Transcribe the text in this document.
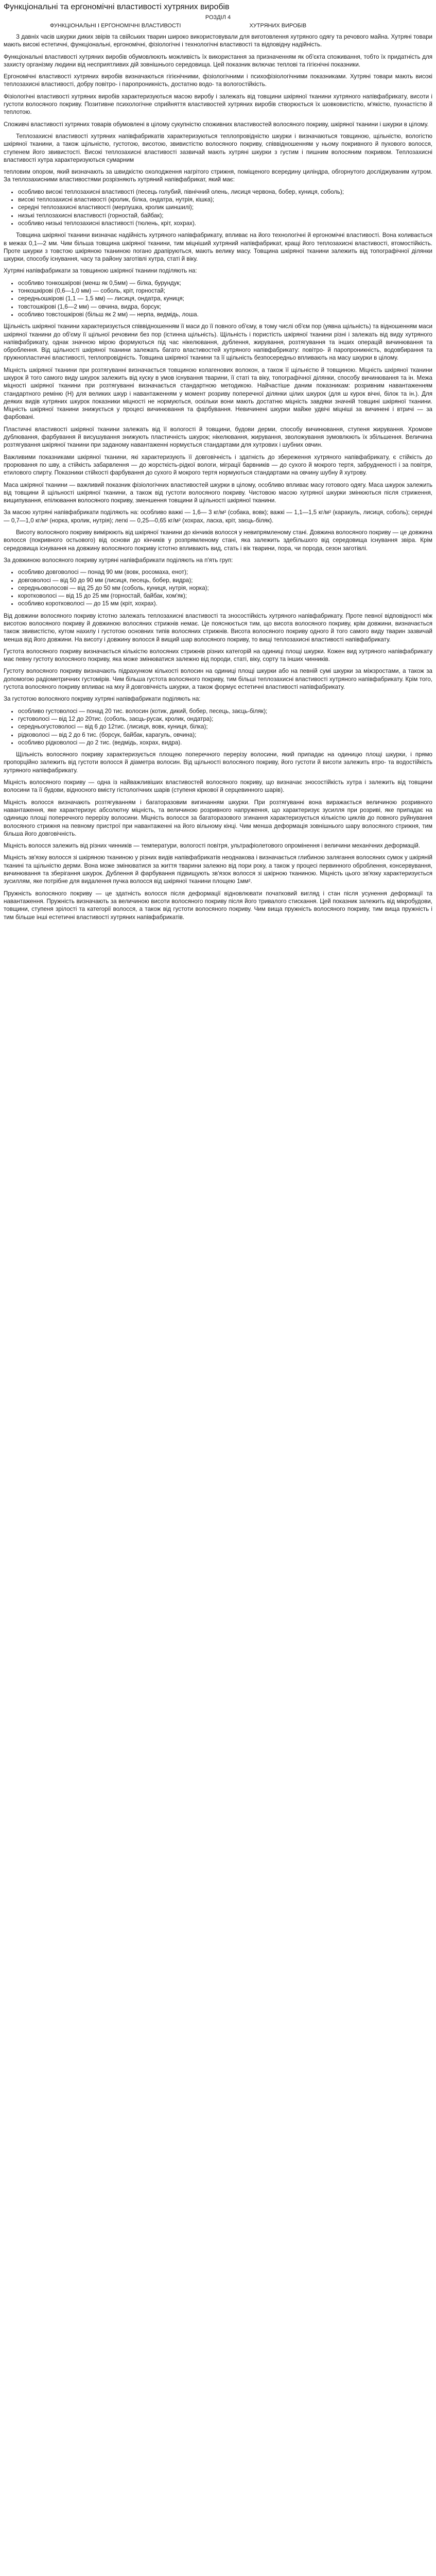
Функціональні та ергономічні властивості хутряних виробів
РОЗДІЛ 4
ФУНКЦІОНАЛЬНІ І ЕРГОНОМІЧНІ ВЛАСТИВОСТІ	ХУТРЯНИХ ВИРОБІВ

З давніх часів шкурки диких звірів та свійських тварин широко використовували для виготовлення хутряного одягу та речового майна. Хутряні товари мають високі естетичні, функціональні, ергономічні, фізіологічні і технологічні властивості та відповідну надійність.

Функціональні властивості хутряних виробів обумовлюють можливість їх використання за призначенням як об'єкта споживання, тобто їх придатність для захисту організму людини від несприятливих дій зовнішнього середовища. Цей показник включає теплові та гігієнічні показники.

Ергономічні властивості хутряних виробів визначаються гігієнічними, фізіологічними і психофізіологічними показниками. Хутряні товари мають високі теплозахисні властивості, добру повітро- і паропроникність, достатню водо- та вологостійкість.

Фізіологічні властивості хутряних виробів характеризуються масою виробу і залежать від товщини шкіряної тканини хутряного напівфабрикату, висоти і густоти волосяного покриву. Позитивне психологічне сприйняття властивостей хутряних виробів створюється їх шовковистістю, м'якістю, пухнастістю й теплотою.

Споживчі властивості хутряних товарів обумовлені в цілому сукупністю споживних властивостей волосяного покриву, шкіряної тканини і шкурки в цілому.

Теплозахисні властивості хутряних напівфабрикатів характеризуються теплопровідністю шкурки і визначаються товщиною, щільністю, вологістю шкіряної тканини, а також щільністю, густотою, висотою, звивистістю волосяного покриву, співвідношенням у ньому покривного й пухового волосся, ступенем його звивистості. Високі теплозахисні властивості зазвичай мають хутряні шкурки з густим і пишним волосяним покривом. Теплозахисні властивості хутра характеризуються сумарним

тепловим опором, який визначають за швидкістю охолодження нагрітого стрижня, поміщеного всередину циліндра, обгорнутого досліджуваним хутром. За теплозахисними властивостями розрізняють хутряний напівфабрикат, який має:

• особливо високі теплозахисні властивості (песець голубий, північний олень, лисиця червона, бобер, куниця, соболь);
• високі теплозахисні властивості (кролик, білка, ондатра, нутрія, кішка);
• середні теплозахисні властивості (мерлушка, кролик шиншилі);
• низькі теплозахисні властивості (горностай, байбак);
• особливо низькі теплозахисні властивості (тюлень, кріт, хохрах).

Товщина шкіряної тканини визначає надійність хутряного напівфабрикату, впливає на його технологічні й ергономічні властивості. Вона коливається в межах 0,1—2 мм. Чим більша товщина шкіряної тканини, тим міцніший хутряний напівфабрикат, кращі його теплозахисні властивості, втомостійкість. Проте шкурки з товстою шкіряною тканиною погано драпіруються, мають велику масу. Товщина шкіряної тканини залежить від топографічної ділянки шкурки, способу існування, часу та району заготівлі хутра, статі й віку.

Хутряні напівфабрикати за товщиною шкіряної тканини поділяють на:

• особливо тонкошкірові (менш як 0,5мм) — білка, бурундук;
• тонкошкірові (0,6—1,0 мм) — соболь, кріт, горностай;
• середньошкірові (1,1 — 1,5 мм) — лисиця, ондатра, куниця;
• товстошкірові (1,6—2 мм) — овчина, видра, борсук;
• особливо товстошкірові (більш як 2 мм) — нерпа, ведмідь, лоша.

Щільність шкіряної тканини характеризується співвідношенням її маси до її повного об'єму, в тому числі об'єм пор (уявна щільність) та відношенням маси шкіряної тканини до об'єму її щільної речовини без пор (істинна щільність). Щільність і пористість шкіряної тканини різні і залежать від виду хутряного напівфабрикату, однак значною мірою формуються під час нікелювання, дублення, жирування, розтягування та інших операцій вичинювання та оброблення. Від щільності шкіряної тканини залежать багато властивостей хутряного напівфабрикату: повітро- й паропроникність, водовбирання та пружнопластичні властивості, теплопровідність. Товщина шкіряної тканини та її щільність безпосередньо впливають на масу шкурки в цілому.

Міцність шкіряної тканини при розтягуванні визначається товщиною колагенових волокон, а також її щільністю й товщиною. Міцність шкіряної тканини шкурок й того самого виду шкурок залежить від куску в умов існування тварини, її статі та віку, топографічної ділянки, способу вичинювання та ін. Межа міцності шкіряної тканини при розтягуванні визначається стандартною методикою. Найчастіше даним показникам: розривним навантаженням стандартного реміню (Н) для великих шкур і навантаженням у момент розриву поперечної ділянки цілих шкурок (для ш курок вічні, білок та ін.). Для деяких видів хутряних шкурок показники міцності не нормуються, оскільки вони мають достатню міцність завдяки значній товщині шкіряної тканини. Міцність шкіряної тканини знижується у процесі вичинювання та фарбування. Невичинені шкурки майже удвічі міцніші за вичинені і втричі — за фарбовані.

Пластичні властивості шкіряної тканини залежать від її вологості й товщини, будови дерми, способу вичинювання, ступеня жирування. Хромове дублювання, фарбування й висушування знижують пластичність шкурок; нікелювання, жирування, зволожування зумовлюють їх збільшення. Величина розтягування шкіряної тканини при заданому навантаженні нормується стандартами для хутрових і шубних овчин.

Важливими показниками шкіряної тканини, які характеризують її довговічність і здатність до збереження хутряного напівфабрикату, є стійкість до прорювання по шву, а стійкість забарвлення — до жорсткість-рідкої вологи, міграції барвників — до сухого й мокрого тертя, забрудненості і за повітря, етилового спирту. Показники стійкості фарбування до сухого й мокрого тертя нормуються стандартами на овчину шубну й хутрову.

Маса шкіряної тканини — важливий показник фізіологічних властивостей шкурки в цілому, особливо впливає масу готового одягу. Маса шкурок залежить від товщини й щільності шкіряної тканини, а також від густоти волосяного покриву. Чистовою масою хутряної шкурки змінюються після стриження, вищипування, епілювання волосяного покриву, зменшення товщини й щільності шкіряної тканини.

За масою хутряні напівфабрикати поділяють на: особливо важкі — 1,6— 3 кг/м² (собака, вовк); важкі — 1,1—1,5 кг/м² (каракуль, лисиця, соболь); середні — 0,7—1,0 кг/м² (норка, кролик, нутрія); легкі — 0,25—0,65 кг/м² (хохрах, ласка, кріт, заєць-біляк).

Висоту волосяного покриву вимірюють від шкіряної тканини до кінчиків волосся у невипрямленому стані. Довжина волосяного покриву — це довжина волосся (покривного остьового) від основи до кінчиків у розпрямленому стані, яка залежить здебільшого від середовища існування звіра. Крім середовища існування на довжину волосяного покриву істотно впливають вид, стать і вік тварини, пора, чи порода, сезон заготівлі.

За довжиною волосяного покриву хутряні напівфабрикати поділяють на п'ять груп:

• особливо довговолосі — понад 90 мм (вовк, росомаха, енот);
• довговолосі — від 50 до 90 мм (лисиця, песець, бобер, видра);
• середньоволосові — від 25 до 50 мм (соболь, куниця, нутрія, норка);
• коротковолосі — від 15 до 25 мм (горностай, байбак, хом'як);
• особливо коротковолосі — до 15 мм (кріт, хохрах).

Від довжини волосяного покриву істотно залежать теплозахисні властивості та зносостійкість хутряного напівфабрикату. Проте певної відповідності між висотою волосяного покриву й довжиною волосяних стрижнів немає. Це пояснюється тим, що висота волосяного покриву, крім довжини, визначається також звивистістю, кутом нахилу і густотою основних типів волосяних стрижнів. Висота волосяного покриву одного й того самого виду тварин зазвичай менша від його довжини. На висоту і довжину волосся й вищий шар волосяного покриву, то вищі теплозахисні властивості напівфабрикату.

Густота волосяного покриву визначається кількістю волосяних стрижнів різних категорій на одиниці площі шкурки. Кожен вид хутряного напівфабрикату має певну густоту волосяного покриву, яка може змінюватися залежно від породи, статі, віку, сорту та інших чинників.

Густоту волосяного покриву визначають підрахунком кількості волосин на одиниці площі шкурки або на певній сумі шкурки за міжзростами, а також за допомогою радіометричних густомірів. Чим більша густота волосяного покриву, тим більші теплозахисні властивості хутряного напівфабрикату. Крім того, густота волосяного покриву впливає на мху й довговічність шкурки, а також формує естетичні властивості напівфабрикату.

За густотою волосяного покриву хутряні напівфабрикати поділяють на:

• особливо густоволосі — понад 20 тис. волосин (котик, дикий, бобер, песець, заєць-біляк);
• густоволосі — від 12 до 20тис. (соболь, заєць-русак, кролик, ондатра);
• середньогустоволосі — від 6 до 12тис. (лисиця, вовк, куниця, білка);
• рідковолосі — від 2 до 6 тис. (борсук, байбак, карагуль, овчина);
• особливо рідковолосі — до 2 тис. (ведмідь, хохрах, видра).

Щільність волосяного покриву характеризується площею поперечного перерізу волосини, який припадає на одиницю площі шкурки, і прямо пропорційно залежить від густоти волосся й діаметра волосин. Від щільності волосяного покриву, його густоти й висоти залежить втро- та водостійкість хутряного напівфабрикату.

Міцність волосяного покриву — одна із найважливіших властивостей волосяного покриву, що визначає зносостійкість хутра і залежить від товщини волосини та її будови, відносного вмісту гістологічних шарів (ступеня кіркової й серцевинного шарів).

Міцність волосся визначають розтягуванням і багаторазовим вигинанням шкурки. При розтягуванні вона виражається величиною розривного навантаження, яке характеризує абсолютну міцність, та величиною розривного напруження, що характеризує зусилля при розриві, яке припадає на одиницю площі поперечного перерізу волосини. Міцність волосся за багаторазового згинання характеризується кількістю циклів до повного руйнування волосяного стрижня на певному пристрої при навантаженні на його вільному кінці. Чим менша деформація зовнішнього шару волосяного стрижня, тим більша його довговічність.

Міцність волосся залежить від різних чинників — температури, вологості повітря, ультрафіолетового опромінення і величини механічних деформацій.

Міцність зв'язку волосся зі шкіряною тканиною у різних видів напівфабрикатів неоднакова і визначається глибиною залягання волосяних сумок у шкіряній тканині та щільністю дерми. Вона може змінюватися за життя тварини залежно від пори року, а також у процесі первинного оброблення, консервування, вичинювання та зберігання шкурок. Дублення й фарбування підвищують зв'язок волосся зі шкірною тканиною. Міцність цього зв'язку характеризується зусиллям, яке потрібне для видалення пучка волосся від шкіряної тканини площею 1мм².

Пружність волосяного покриву — це здатність волосся після деформації відновлювати початковий вигляд і стан після усунення деформації та навантаження. Пружність визначають за величиною висоти волосяного покриву після його тривалого стискання. Цей показник залежить від мікробудови, товщини, ступеня зрілості та категорії волосся, а також від густоти волосяного покриву. Чим вища пружність волосяного покриву, тим вища пружність і тим більше інші естетичні властивості хутряних напівфабрикатів.
